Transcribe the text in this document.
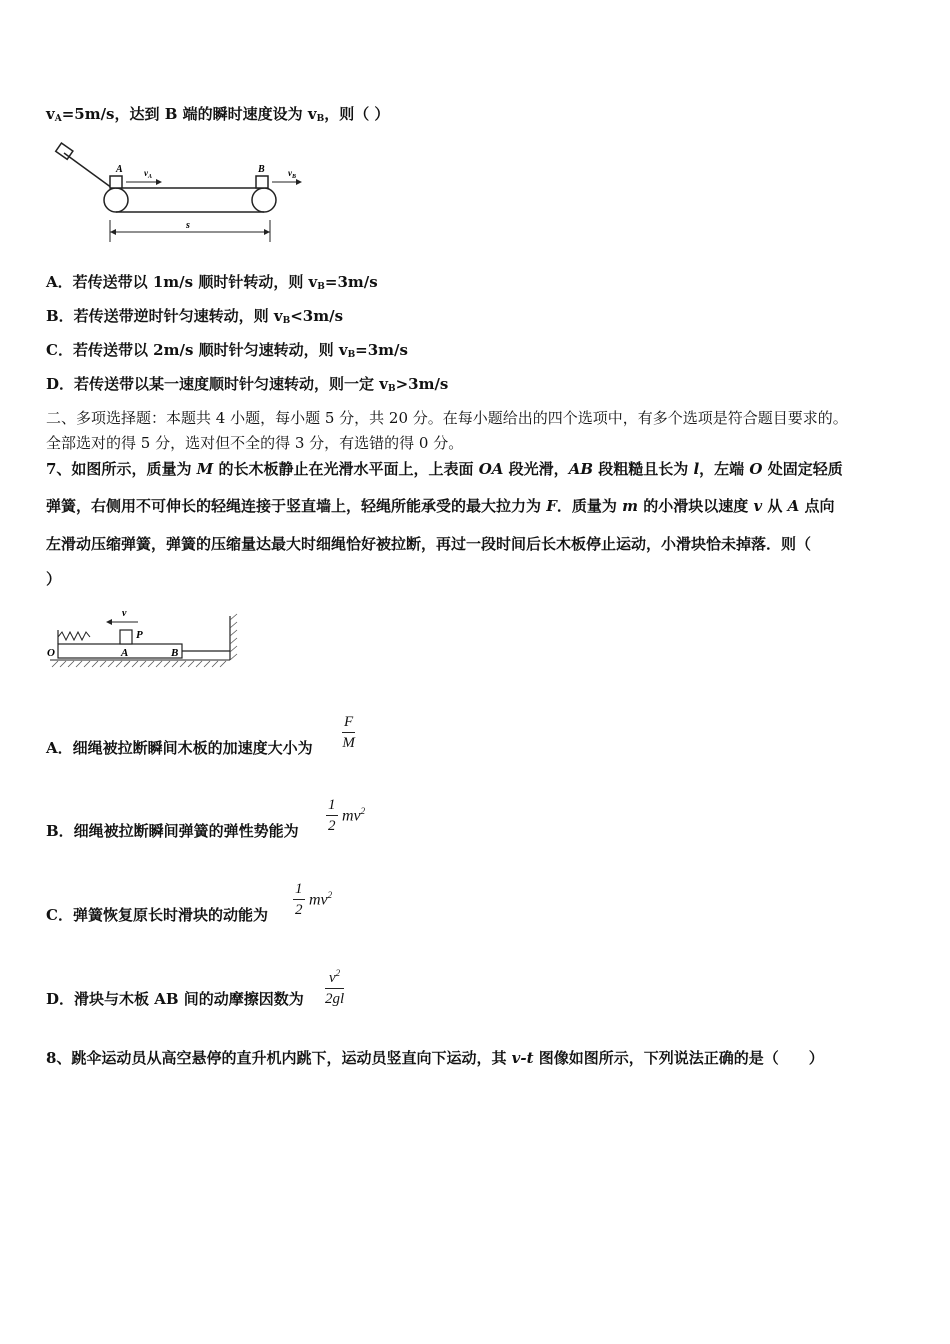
$v_A=5m/s$，达到 B 端的瞬时速度设为 $v_B$，则（ ）
A	B
$v_A$	$v_B$
s
A．若传送带以 1m/s 顺时针转动，则 $v_B=3m/s$
B．若传送带逆时针匀速转动，则 $v_B<3m/s$
C．若传送带以 2m/s 顺时针匀速转动，则 $v_B=3m/s$
D．若传送带以某一速度顺时针匀速转动，则一定 $v_B>3m/s$
二、多项选择题：本题共 4 小题，每小题 5 分，共 20 分。在每小题给出的四个选项中，有多个选项是符合题目要求的。
全部选对的得 5 分，选对但不全的得 3 分，有选错的得 0 分。
7、如图所示，质量为 M 的长木板静止在光滑水平面上，上表面 OA 段光滑，AB 段粗糙且长为 l，左端 O 处固定轻质
弹簧，右侧用不可伸长的轻绳连接于竖直墙上，轻绳所能承受的最大拉力为 F．质量为 m 的小滑块以速度 v 从 A 点向
左滑动压缩弹簧，弹簧的压缩量达最大时细绳恰好被拉断，再过一段时间后长木板停止运动，小滑块恰未掉落．则（
）
P
v
O	A	B
A．细绳被拉断瞬间木板的加速度大小为 $\frac{F}{M}$
B．细绳被拉断瞬间弹簧的弹性势能为 $\frac{1}{2} mv^2$
C．弹簧恢复原长时滑块的动能为 $\frac{1}{2} mv^2$
D．滑块与木板 AB 间的动摩擦因数为 $\frac{v^2}{2gl}$
8、跳伞运动员从高空悬停的直升机内跳下，运动员竖直向下运动，其 v-t 图像如图所示，下列说法正确的是（　　）
